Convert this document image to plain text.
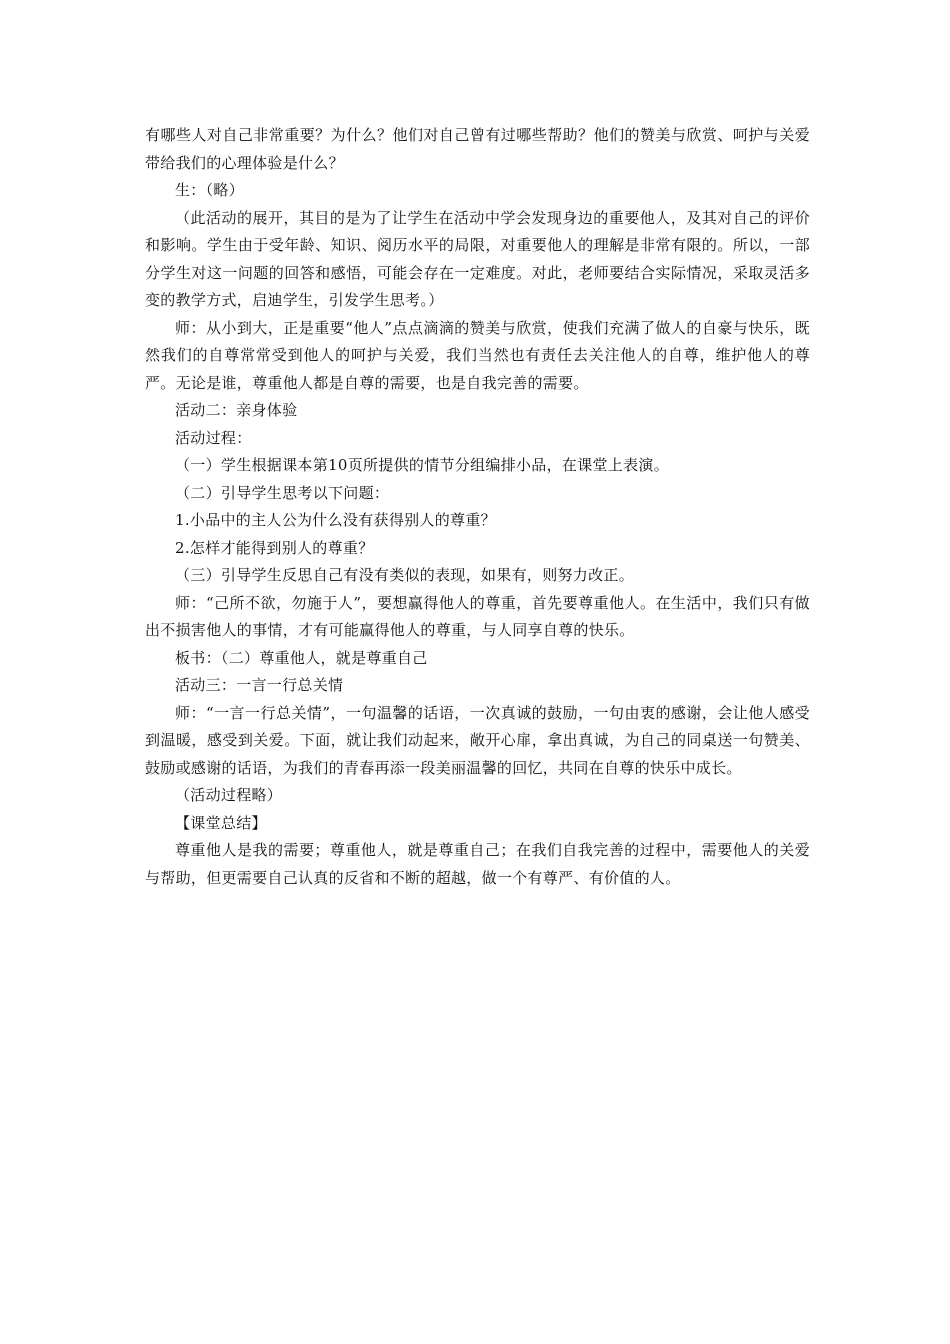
有哪些人对自己非常重要？为什么？他们对自己曾有过哪些帮助？他们的赞美与欣赏、呵护与关爱带给我们的心理体验是什么？

生：（略）

（此活动的展开，其目的是为了让学生在活动中学会发现身边的重要他人，及其对自己的评价和影响。学生由于受年龄、知识、阅历水平的局限，对重要他人的理解是非常有限的。所以，一部分学生对这一问题的回答和感悟，可能会存在一定难度。对此，老师要结合实际情况，采取灵活多变的教学方式，启迪学生，引发学生思考。）

师：从小到大，正是重要“他人”点点滴滴的赞美与欣赏，使我们充满了做人的自豪与快乐，既然我们的自尊常常受到他人的呵护与关爱，我们当然也有责任去关注他人的自尊，维护他人的尊严。无论是谁，尊重他人都是自尊的需要，也是自我完善的需要。

活动二：亲身体验

活动过程：

（一）学生根据课本第10页所提供的情节分组编排小品，在课堂上表演。

（二）引导学生思考以下问题：

1.小品中的主人公为什么没有获得别人的尊重？

2.怎样才能得到别人的尊重？

（三）引导学生反思自己有没有类似的表现，如果有，则努力改正。

师：“己所不欲，勿施于人”，要想赢得他人的尊重，首先要尊重他人。在生活中，我们只有做出不损害他人的事情，才有可能赢得他人的尊重，与人同享自尊的快乐。

板书：（二）尊重他人，就是尊重自己

活动三：一言一行总关情

师：“一言一行总关情”，一句温馨的话语，一次真诚的鼓励，一句由衷的感谢，会让他人感受到温暖，感受到关爱。下面，就让我们动起来，敞开心扉，拿出真诚，为自己的同桌送一句赞美、鼓励或感谢的话语，为我们的青春再添一段美丽温馨的回忆，共同在自尊的快乐中成长。

（活动过程略）

【课堂总结】

尊重他人是我的需要；尊重他人，就是尊重自己；在我们自我完善的过程中，需要他人的关爱与帮助，但更需要自己认真的反省和不断的超越，做一个有尊严、有价值的人。
